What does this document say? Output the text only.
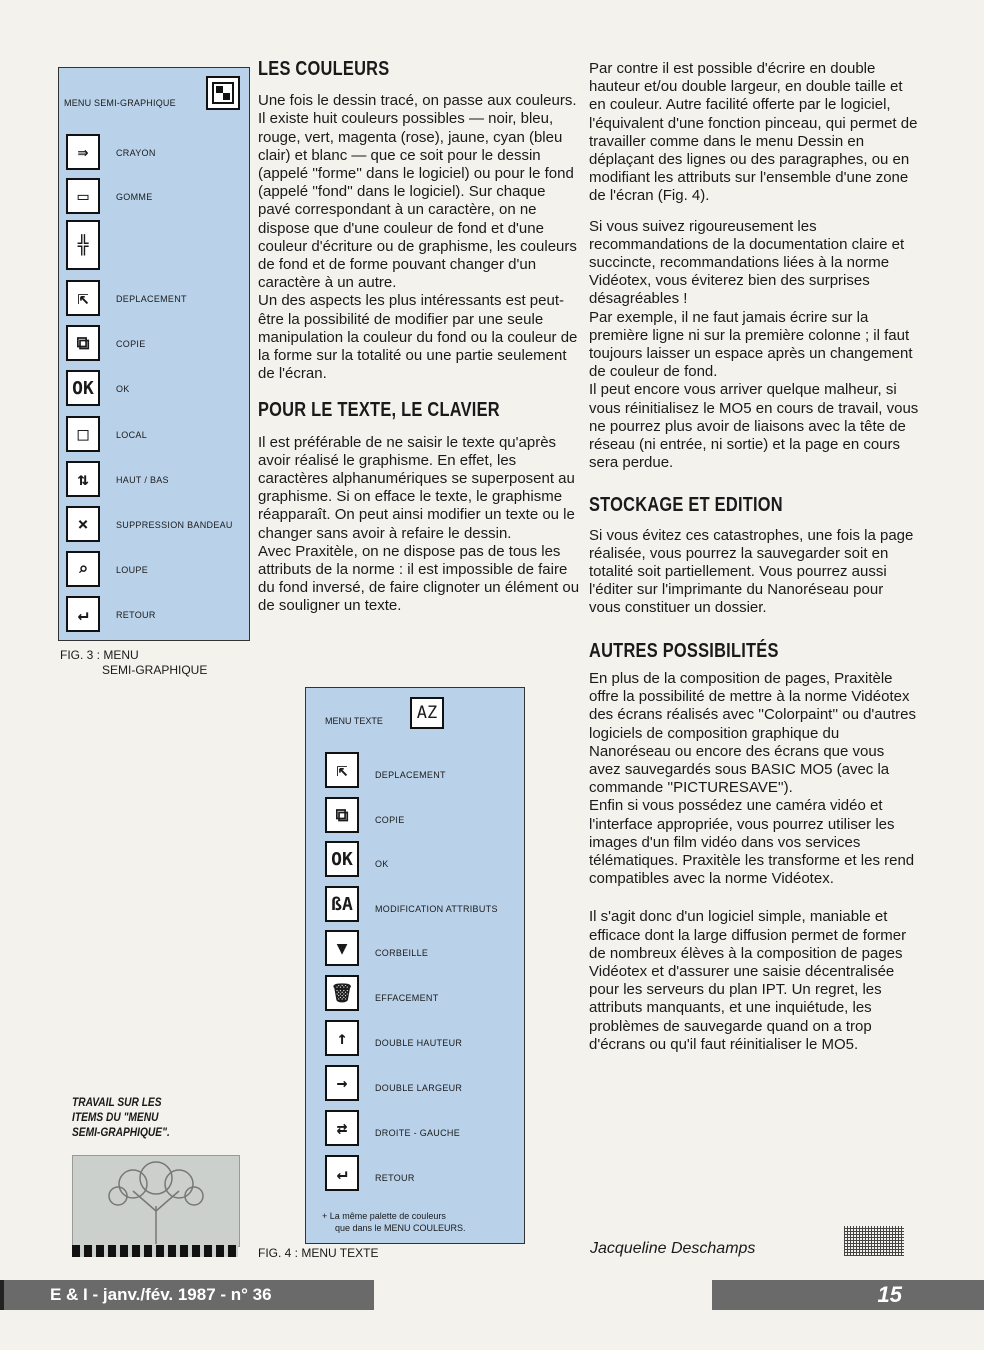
MENU SEMI-GRAPHIQUE
⇛	CRAYON
▭	GOMME
╬
⇱	DEPLACEMENT
⧉	COPIE
OK	OK
□	LOCAL
⇅	HAUT / BAS
⨯	SUPPRESSION BANDEAU
⌕	LOUPE
↵	RETOUR
FIG. 3 : MENU
SEMI-GRAPHIQUE
TRAVAIL SUR LES
ITEMS DU "MENU
SEMI-GRAPHIQUE".
MENU TEXTE	AZ
⇱	DEPLACEMENT
⧉	COPIE
OK	OK
ßA	MODIFICATION ATTRIBUTS
▼	CORBEILLE
🗑	EFFACEMENT
↑	DOUBLE HAUTEUR
→	DOUBLE LARGEUR
⇄	DROITE - GAUCHE
↵	RETOUR
+ La même palette de couleurs
que dans le MENU COULEURS.
FIG. 4 : MENU TEXTE
LES COULEURS

Une fois le dessin tracé, on passe aux couleurs. Il existe huit couleurs possibles — noir, bleu, rouge, vert, magenta (rose), jaune, cyan (bleu clair) et blanc — que ce soit pour le dessin (appelé ''forme'' dans le logiciel) ou pour le fond (appelé ''fond'' dans le logiciel). Sur chaque pavé correspondant à un caractère, on ne dispose que d'une couleur de fond et d'une couleur d'écriture ou de graphisme, les couleurs de fond et de forme pouvant changer d'un caractère à un autre.

Un des aspects les plus intéressants est peut-être la possibilité de modifier par une seule manipulation la couleur du fond ou la couleur de la forme sur la totalité ou une partie seulement de l'écran.

POUR LE TEXTE, LE CLAVIER

Il est préférable de ne saisir le texte qu'après avoir réalisé le graphisme. En effet, les caractères alphanumériques se superposent au graphisme. Si on efface le texte, le graphisme réapparaît. On peut ainsi modifier un texte ou le changer sans avoir à refaire le dessin.

Avec Praxitèle, on ne dispose pas de tous les attributs de la norme : il est impossible de faire du fond inversé, de faire clignoter un élément ou de souligner un texte.

Par contre il est possible d'écrire en double hauteur et/ou double largeur, en double taille et en couleur. Autre facilité offerte par le logiciel, l'équivalent d'une fonction pinceau, qui permet de travailler comme dans le menu Dessin en déplaçant des lignes ou des paragraphes, ou en modifiant les attributs sur l'ensemble d'une zone de l'écran (Fig. 4).

Si vous suivez rigoureusement les recommandations de la documentation claire et succincte, recommandations liées à la norme Vidéotex, vous éviterez bien des surprises désagréables !

Par exemple, il ne faut jamais écrire sur la première ligne ni sur la première colonne ; il faut toujours laisser un espace après un changement de couleur de fond.

Il peut encore vous arriver quelque malheur, si vous réinitialisez le MO5 en cours de travail, vous ne pourrez plus avoir de liaisons avec la tête de réseau (ni entrée, ni sortie) et la page en cours sera perdue.

STOCKAGE ET EDITION

Si vous évitez ces catastrophes, une fois la page réalisée, vous pourrez la sauvegarder soit en totalité soit partiellement. Vous pourrez aussi l'éditer sur l'imprimante du Nanoréseau pour vous constituer un dossier.

AUTRES POSSIBILITÉS

En plus de la composition de pages, Praxitèle offre la possibilité de mettre à la norme Vidéotex des écrans réalisés avec ''Colorpaint'' ou d'autres logiciels de composition graphique du Nanoréseau ou encore des écrans que vous avez sauvegardés sous BASIC MO5 (avec la commande ''PICTURESAVE'').

Enfin si vous possédez une caméra vidéo et l'interface appropriée, vous pourrez utiliser les images d'un film vidéo dans vos services télématiques. Praxitèle les transforme et les rend compatibles avec la norme Vidéotex.

Il s'agit donc d'un logiciel simple, maniable et efficace dont la large diffusion permet de former de nombreux élèves à la composition de pages Vidéotex et d'assurer une saisie décentralisée pour les serveurs du plan IPT. Un regret, les attributs manquants, et une inquiétude, les problèmes de sauvegarde quand on a trop d'écrans ou qu'il faut réinitialiser le MO5.

Jacqueline Deschamps
E & I - janv./fév. 1987 - n° 36	15
